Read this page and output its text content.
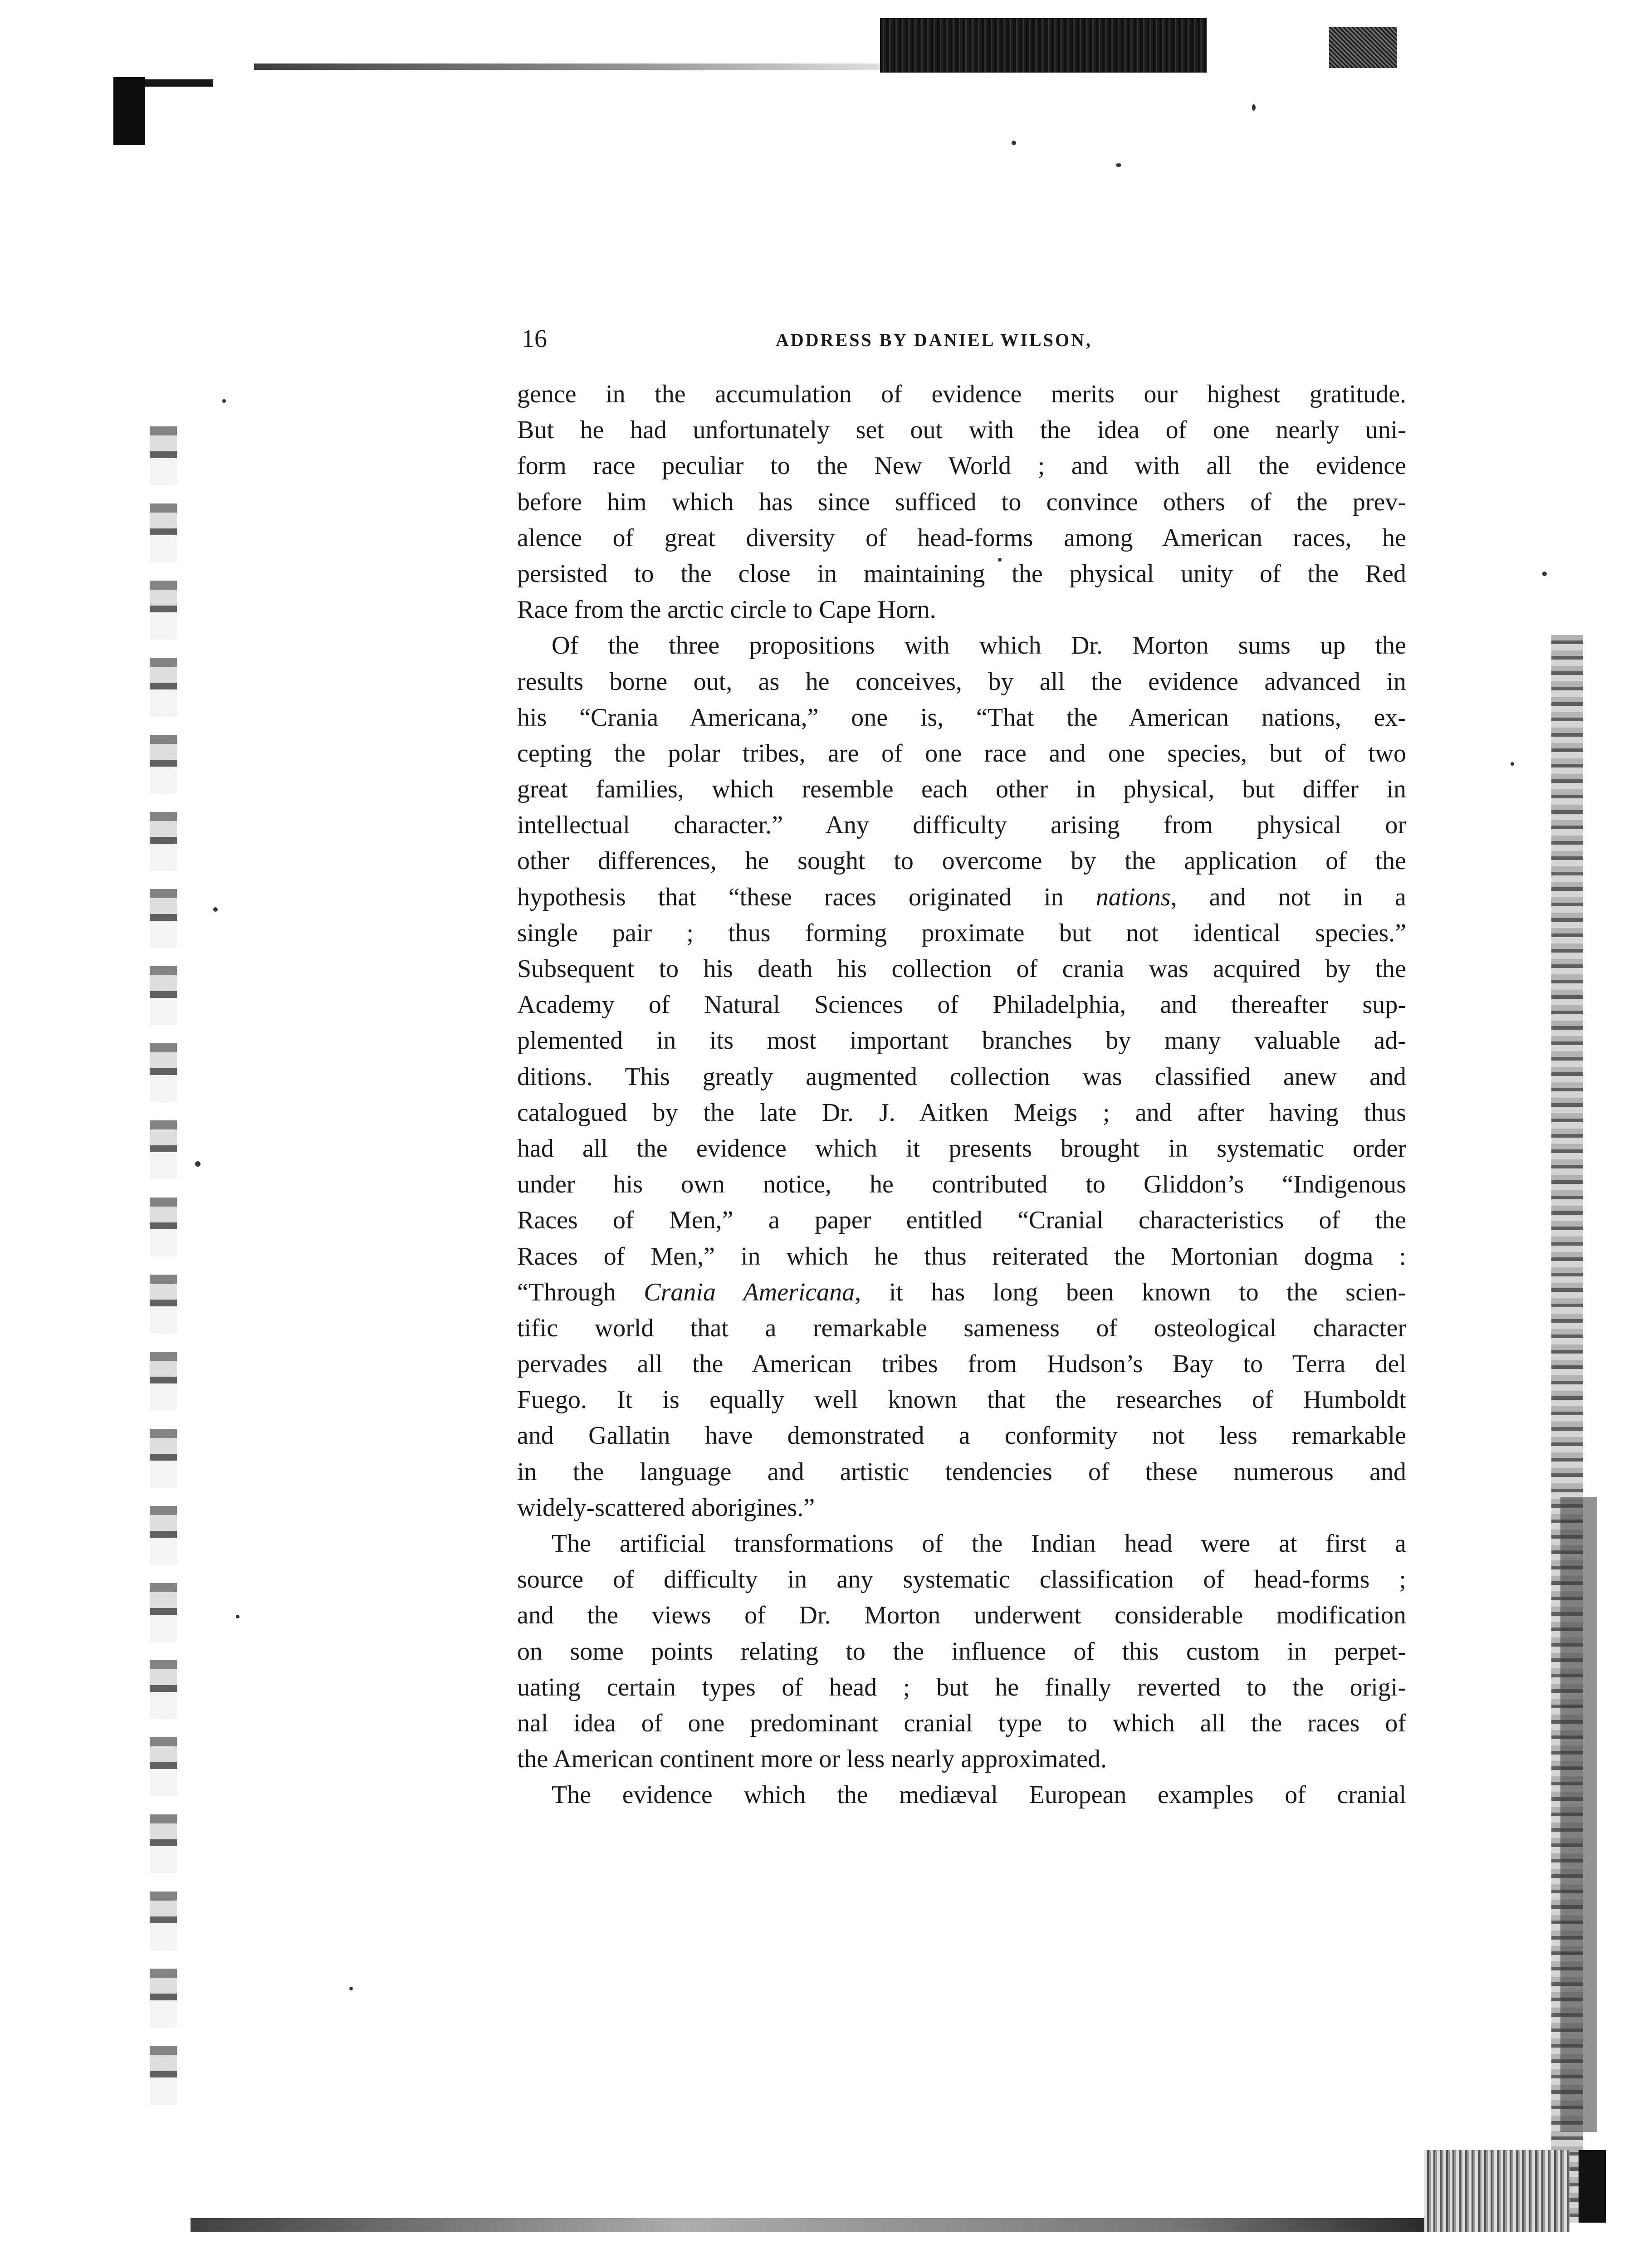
16	ADDRESS BY DANIEL WILSON,
gence in the accumulation of evidence merits our highest gratitude.
But he had unfortunately set out with the idea of one nearly uni-
form race peculiar to the New World ; and with all the evidence
before him which has since sufficed to convince others of the prev-
alence of great diversity of head-forms among American races, he
persisted to the close in maintaining the physical unity of the Red
Race from the arctic circle to Cape Horn.
Of the three propositions with which Dr. Morton sums up the
results borne out, as he conceives, by all the evidence advanced in
his “Crania Americana,” one is, “That the American nations, ex-
cepting the polar tribes, are of one race and one species, but of two
great families, which resemble each other in physical, but differ in
intellectual character.” Any difficulty arising from physical or
other differences, he sought to overcome by the application of the
hypothesis that “these races originated in nations, and not in a
single pair ; thus forming proximate but not identical species.”
Subsequent to his death his collection of crania was acquired by the
Academy of Natural Sciences of Philadelphia, and thereafter sup-
plemented in its most important branches by many valuable ad-
ditions. This greatly augmented collection was classified anew and
catalogued by the late Dr. J. Aitken Meigs ; and after having thus
had all the evidence which it presents brought in systematic order
under his own notice, he contributed to Gliddon’s “Indigenous
Races of Men,” a paper entitled “Cranial characteristics of the
Races of Men,” in which he thus reiterated the Mortonian dogma :
“Through Crania Americana, it has long been known to the scien-
tific world that a remarkable sameness of osteological character
pervades all the American tribes from Hudson’s Bay to Terra del
Fuego. It is equally well known that the researches of Humboldt
and Gallatin have demonstrated a conformity not less remarkable
in the language and artistic tendencies of these numerous and
widely-scattered aborigines.”
The artificial transformations of the Indian head were at first a
source of difficulty in any systematic classification of head-forms ;
and the views of Dr. Morton underwent considerable modification
on some points relating to the influence of this custom in perpet-
uating certain types of head ; but he finally reverted to the origi-
nal idea of one predominant cranial type to which all the races of
the American continent more or less nearly approximated.
The evidence which the mediæval European examples of cranial
